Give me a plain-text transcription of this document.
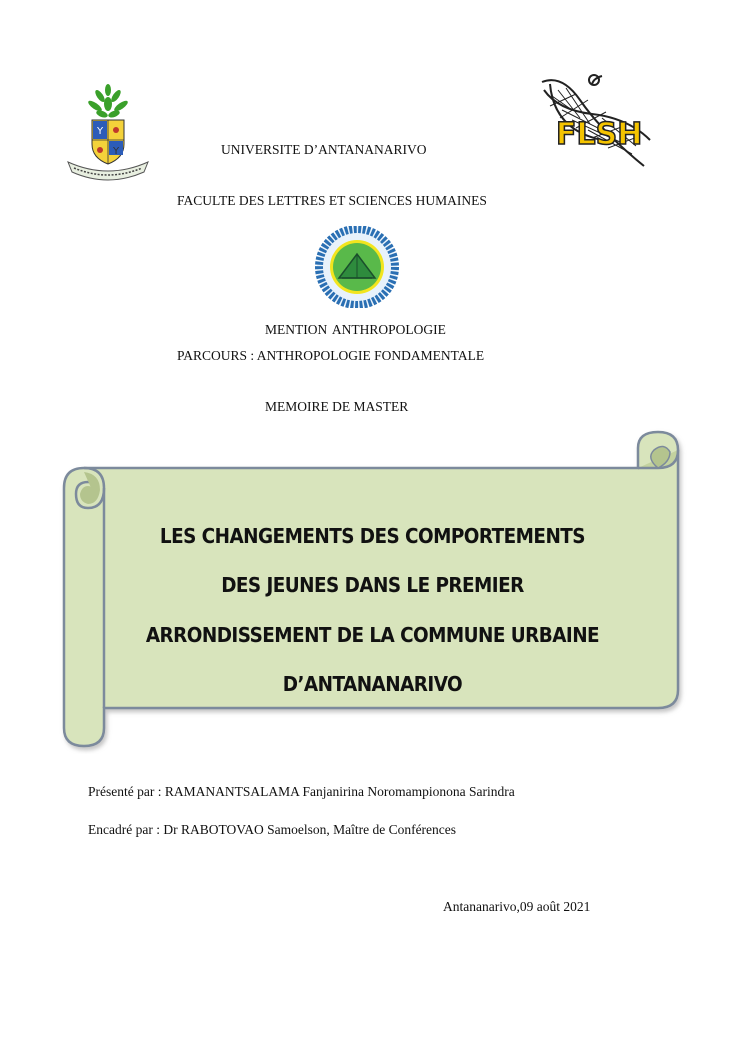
Y
Y	FLSH
UNIVERSITE D’ANTANANARIVO
FACULTE DES LETTRES ET SCIENCES HUMAINES
MENTION ANTHROPOLOGIE
PARCOURS : ANTHROPOLOGIE FONDAMENTALE
MEMOIRE DE MASTER
LES CHANGEMENTS DES COMPORTEMENTS
DES JEUNES DANS LE PREMIER
ARRONDISSEMENT DE LA COMMUNE URBAINE
D’ANTANANARIVO
Présenté par : RAMANANTSALAMA Fanjanirina Noromampionona Sarindra
Encadré par : Dr RABOTOVAO Samoelson, Maître de Conférences
Antananarivo,09 août 2021
